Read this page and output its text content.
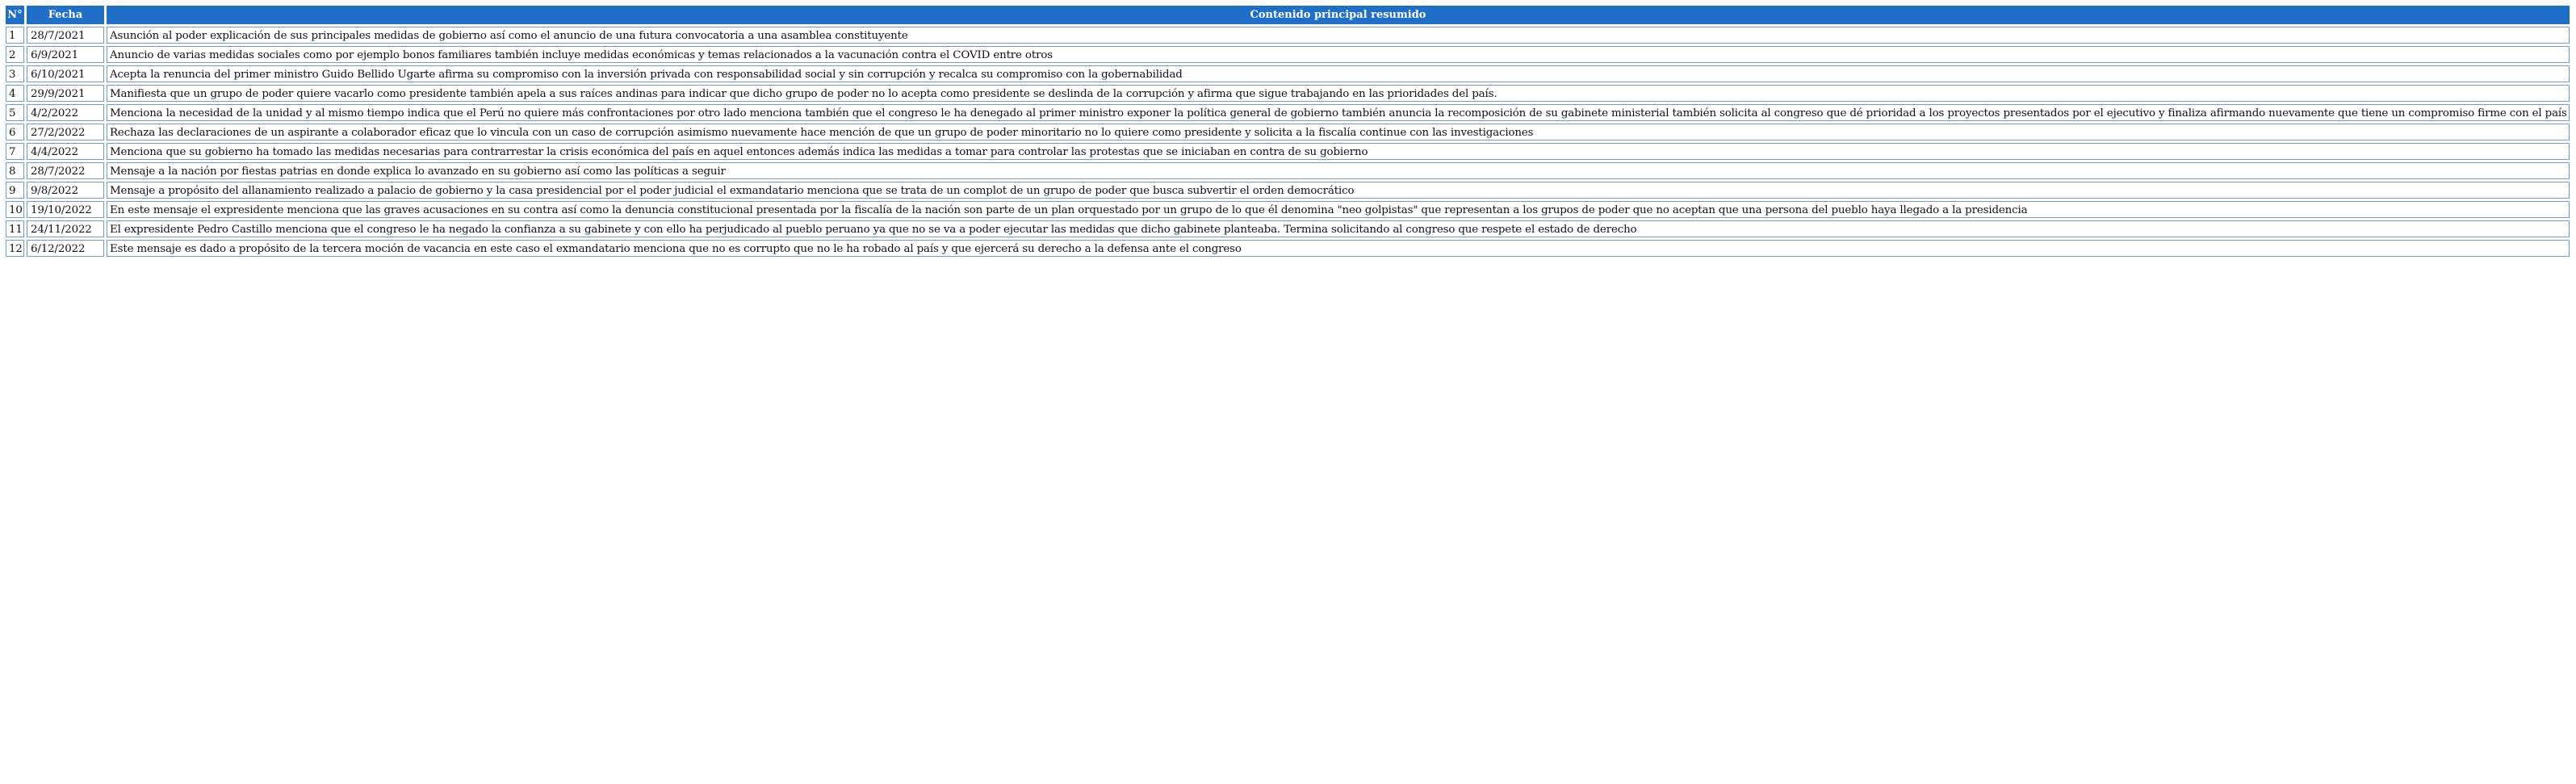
N°	Fecha	Contenido principal resumido
1	28/7/2021	Asunción al poder explicación de sus principales medidas de gobierno así como el anuncio de una futura convocatoria a una asamblea constituyente
2	6/9/2021	Anuncio de varias medidas sociales como por ejemplo bonos familiares también incluye medidas económicas y temas relacionados a la vacunación contra el COVID entre otros
3	6/10/2021	Acepta la renuncia del primer ministro Guido Bellido Ugarte afirma su compromiso con la inversión privada con responsabilidad social y sin corrupción y recalca su compromiso con la gobernabilidad
4	29/9/2021	Manifiesta que un grupo de poder quiere vacarlo como presidente también apela a sus raíces andinas para indicar que dicho grupo de poder no lo acepta como presidente se deslinda de la corrupción y afirma que sigue trabajando en las prioridades del país.
5	4/2/2022	Menciona la necesidad de la unidad y al mismo tiempo indica que el Perú no quiere más confrontaciones por otro lado menciona también que el congreso le ha denegado al primer ministro exponer la política general de gobierno también anuncia la recomposición de su gabinete ministerial también solicita al congreso que dé prioridad a los proyectos presentados por el ejecutivo y finaliza afirmando nuevamente que tiene un compromiso firme con el país
6	27/2/2022	Rechaza las declaraciones de un aspirante a colaborador eficaz que lo vincula con un caso de corrupción asimismo nuevamente hace mención de que un grupo de poder minoritario no lo quiere como presidente y solicita a la fiscalía continue con las investigaciones
7	4/4/2022	Menciona que su gobierno ha tomado las medidas necesarias para contrarrestar la crisis económica del país en aquel entonces además indica las medidas a tomar para controlar las protestas que se iniciaban en contra de su gobierno
8	28/7/2022	Mensaje a la nación por fiestas patrias en donde explica lo avanzado en su gobierno así como las políticas a seguir
9	9/8/2022	Mensaje a propósito del allanamiento realizado a palacio de gobierno y la casa presidencial por el poder judicial el exmandatario menciona que se trata de un complot de un grupo de poder que busca subvertir el orden democrático
10	19/10/2022	En este mensaje el expresidente menciona que las graves acusaciones en su contra así como la denuncia constitucional presentada por la fiscalía de la nación son parte de un plan orquestado por un grupo de lo que él denomina "neo golpistas" que representan a los grupos de poder que no aceptan que una persona del pueblo haya llegado a la presidencia
11	24/11/2022	El expresidente Pedro Castillo menciona que el congreso le ha negado la confianza a su gabinete y con ello ha perjudicado al pueblo peruano ya que no se va a poder ejecutar las medidas que dicho gabinete planteaba. Termina solicitando al congreso que respete el estado de derecho
12	6/12/2022	Este mensaje es dado a propósito de la tercera moción de vacancia en este caso el exmandatario menciona que no es corrupto que no le ha robado al país y que ejercerá su derecho a la defensa ante el congreso
